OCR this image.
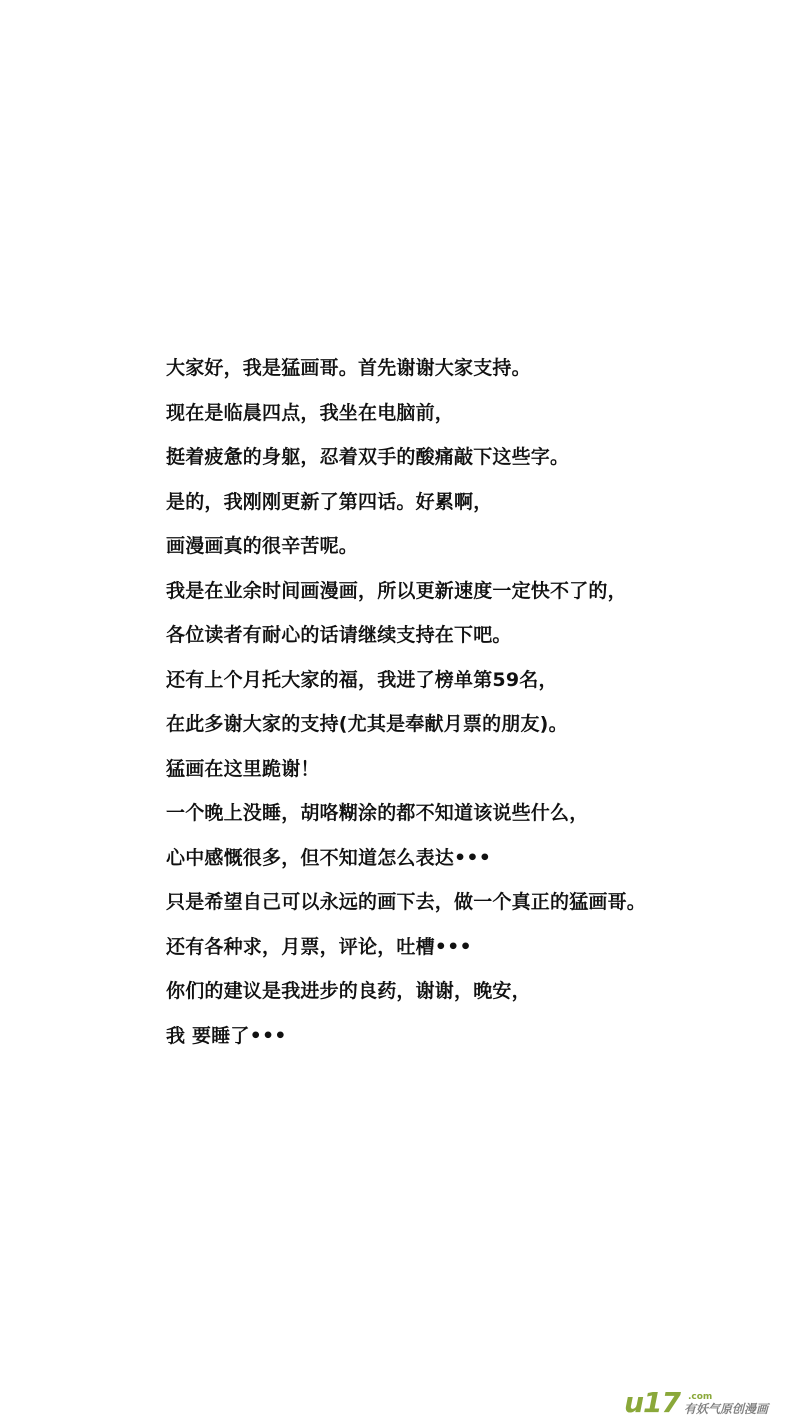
大家好，我是猛画哥。首先谢谢大家支持。
现在是临晨四点，我坐在电脑前，
挺着疲惫的身躯，忍着双手的酸痛敲下这些字。
是的，我刚刚更新了第四话。好累啊，
画漫画真的很辛苦呢。
我是在业余时间画漫画，所以更新速度一定快不了的，
各位读者有耐心的话请继续支持在下吧。
还有上个月托大家的福，我进了榜单第59名，
在此多谢大家的支持(尤其是奉献月票的朋友)。
猛画在这里跪谢！
一个晚上没睡，胡咯糊涂的都不知道该说些什么，
心中感慨很多，但不知道怎么表达•••
只是希望自己可以永远的画下去，做一个真正的猛画哥。
还有各种求，月票，评论，吐槽•••
你们的建议是我进步的良药，谢谢，晚安，
我 要睡了•••
u17 .com
有妖气原创漫画
